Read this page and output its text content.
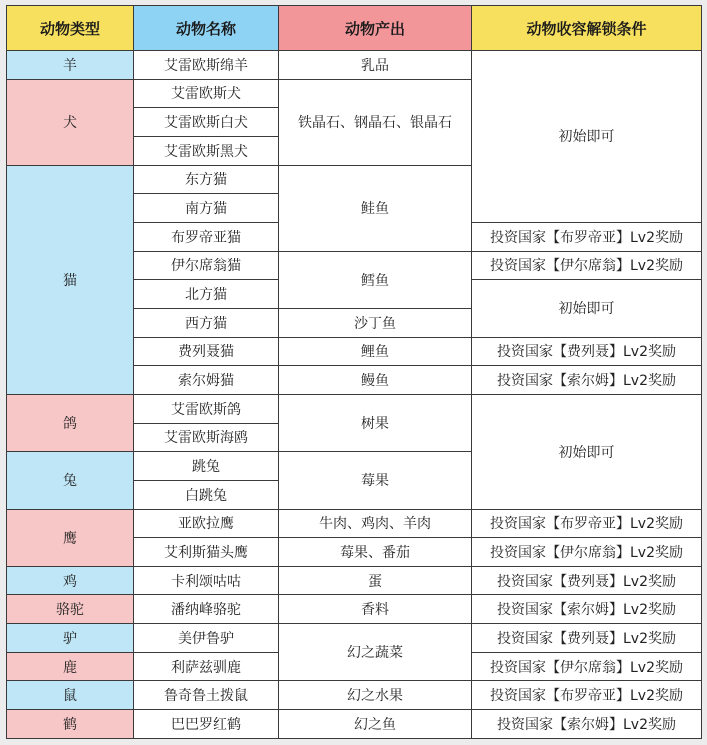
动物类型	动物名称	动物产出	动物收容解锁条件
羊	艾雷欧斯绵羊	乳品	初始即可
犬	艾雷欧斯犬	铁晶石、钢晶石、银晶石	
	艾雷欧斯白犬		
	艾雷欧斯黑犬		
猫	东方猫	鲑鱼	
	南方猫		
	布罗帝亚猫		投资国家【布罗帝亚】Lv2奖励
	伊尔席翁猫	鳕鱼	投资国家【伊尔席翁】Lv2奖励
	北方猫		初始即可
	西方猫	沙丁鱼	
	费列聂猫	鲤鱼	投资国家【费列聂】Lv2奖励
	索尔姆猫	鳗鱼	投资国家【索尔姆】Lv2奖励
鸽	艾雷欧斯鸽	树果	初始即可
	艾雷欧斯海鸥		
兔	跳兔	莓果	
	白跳兔		
鹰	亚欧拉鹰	牛肉、鸡肉、羊肉	投资国家【布罗帝亚】Lv2奖励
	艾利斯猫头鹰	莓果、番茄	投资国家【伊尔席翁】Lv2奖励
鸡	卡利颂咕咕	蛋	投资国家【费列聂】Lv2奖励
骆驼	潘纳峰骆驼	香料	投资国家【索尔姆】Lv2奖励
驴	美伊鲁驴	幻之蔬菜	投资国家【费列聂】Lv2奖励
鹿	利萨兹驯鹿		投资国家【伊尔席翁】Lv2奖励
鼠	鲁奇鲁土拨鼠	幻之水果	投资国家【布罗帝亚】Lv2奖励
鹤	巴巴罗红鹤	幻之鱼	投资国家【索尔姆】Lv2奖励
